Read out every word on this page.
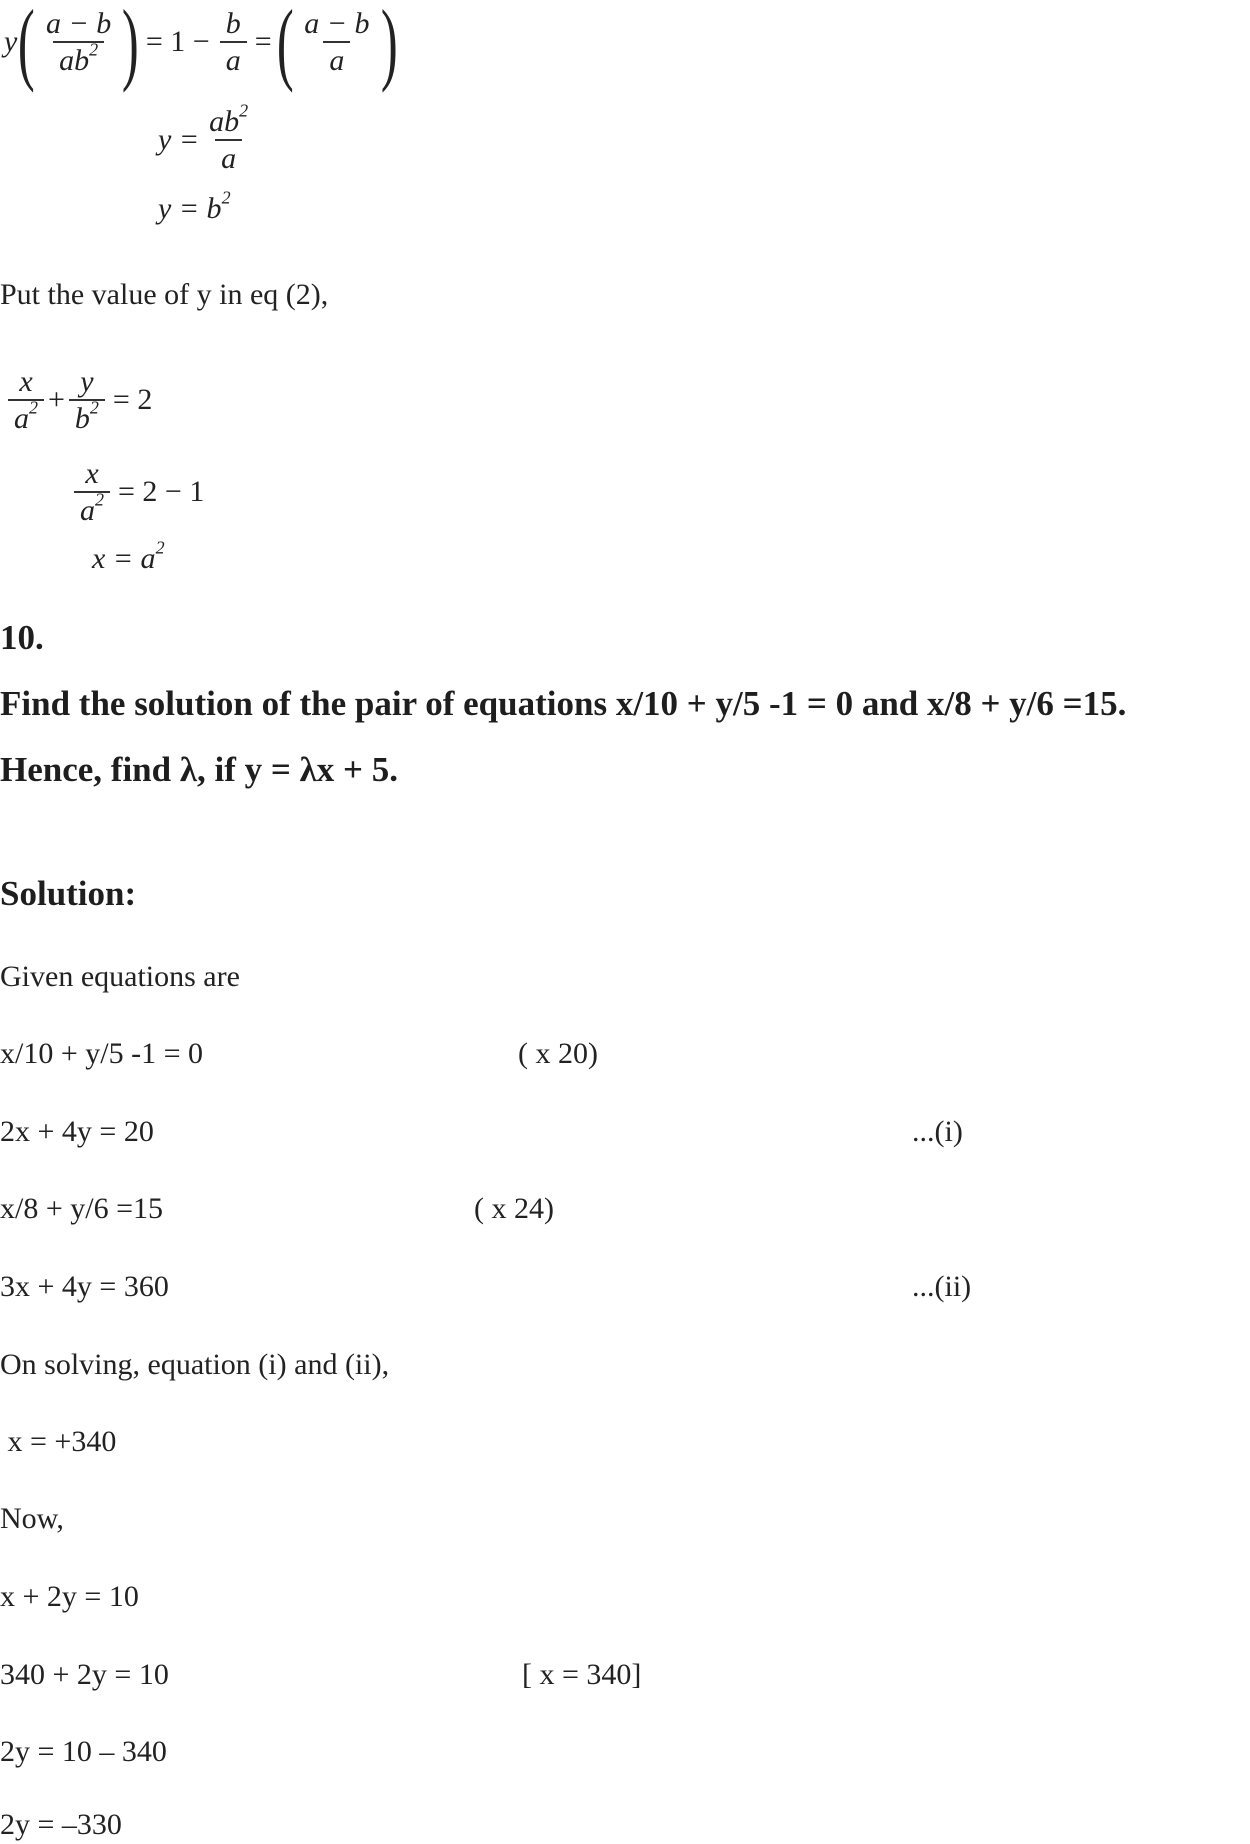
y ( $\frac{a - b}{ab^2}$ ) = $1 - \frac{b}{a}$ = ( $\frac{a - b}{a}$ )
$y = \frac{ab^2}{a}$
$y = b^2$
Put the value of y in eq (2),
$\frac{x}{a^2} + \frac{y}{b^2} = 2$
$\frac{x}{a^2} = 2 - 1$
$x = a^2$
10.
Find the solution of the pair of equations x/10 + y/5 -1 = 0 and x/8 + y/6 =15.
Hence, find λ, if y = λx + 5.
Solution:
Given equations are
x/10 + y/5 -1 = 0	( x 20)
2x + 4y = 20	...(i)
x/8 + y/6 =15	( x 24)
3x + 4y = 360	...(ii)
On solving, equation (i) and (ii),
x = +340
Now,
x + 2y = 10
340 + 2y = 10	[ x = 340]
2y = 10 – 340
2y = –330
